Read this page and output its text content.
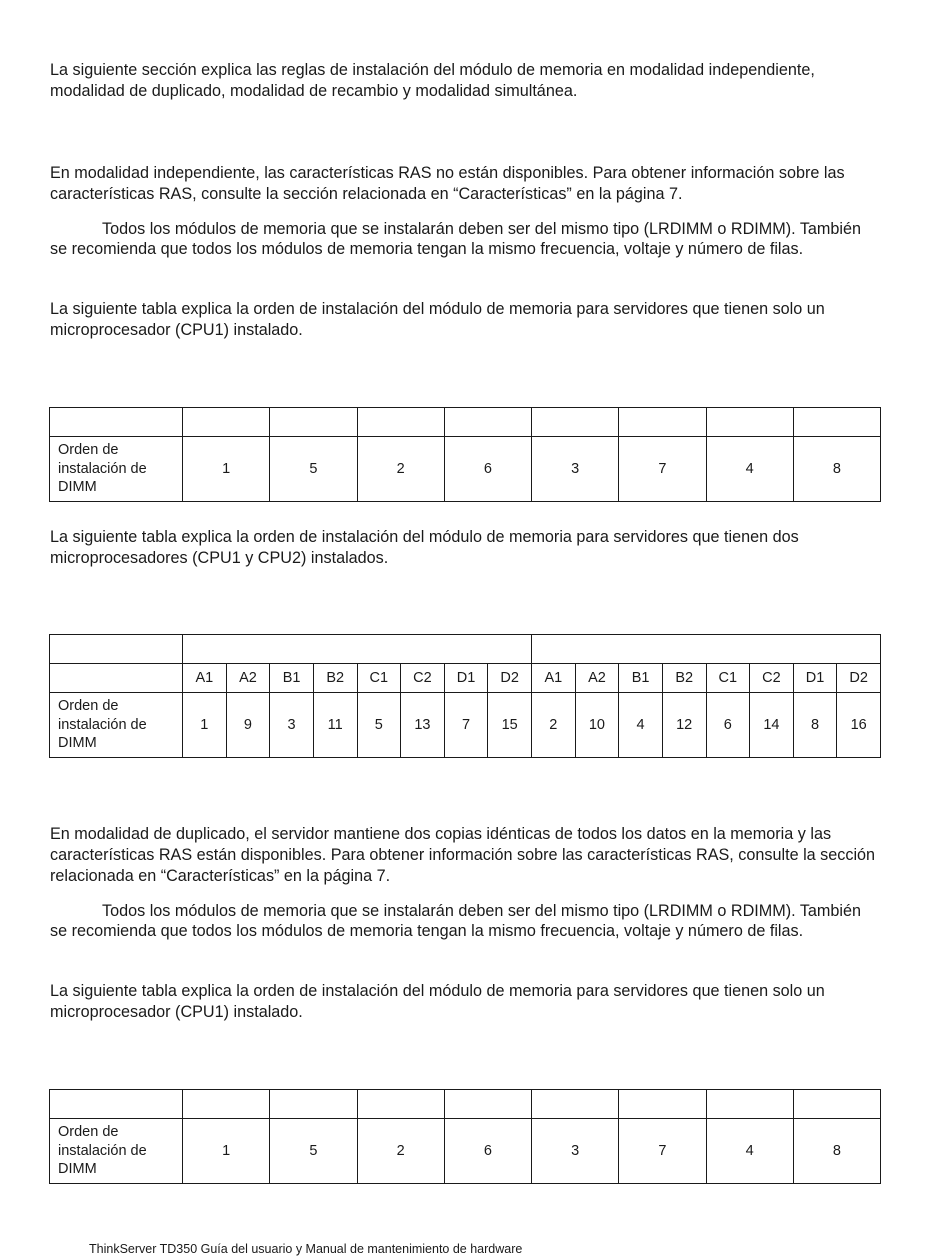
La siguiente sección explica las reglas de instalación del módulo de memoria en modalidad independiente, modalidad de duplicado, modalidad de recambio y modalidad simultánea.

En modalidad independiente, las características RAS no están disponibles. Para obtener información sobre las características RAS, consulte la sección relacionada en “Características” en la página 7.

Todos los módulos de memoria que se instalarán deben ser del mismo tipo (LRDIMM o RDIMM). También se recomienda que todos los módulos de memoria tengan la mismo frecuencia, voltaje y número de filas.

La siguiente tabla explica la orden de instalación del módulo de memoria para servidores que tienen solo un microprocesador (CPU1) instalado.

Orden de instalación de DIMM	1	5	2	6	3	7	4	8

La siguiente tabla explica la orden de instalación del módulo de memoria para servidores que tienen dos microprocesadores (CPU1 y CPU2) instalados.

	A1	A2	B1	B2	C1	C2	D1	D2	A1	A2	B1	B2	C1	C2	D1	D2
Orden de instalación de DIMM	1	9	3	11	5	13	7	15	2	10	4	12	6	14	8	16

En modalidad de duplicado, el servidor mantiene dos copias idénticas de todos los datos en la memoria y las características RAS están disponibles. Para obtener información sobre las características RAS, consulte la sección relacionada en “Características” en la página 7.

Todos los módulos de memoria que se instalarán deben ser del mismo tipo (LRDIMM o RDIMM). También se recomienda que todos los módulos de memoria tengan la mismo frecuencia, voltaje y número de filas.

La siguiente tabla explica la orden de instalación del módulo de memoria para servidores que tienen solo un microprocesador (CPU1) instalado.

Orden de instalación de DIMM	1	5	2	6	3	7	4	8
ThinkServer TD350 Guía del usuario y Manual de mantenimiento de hardware
